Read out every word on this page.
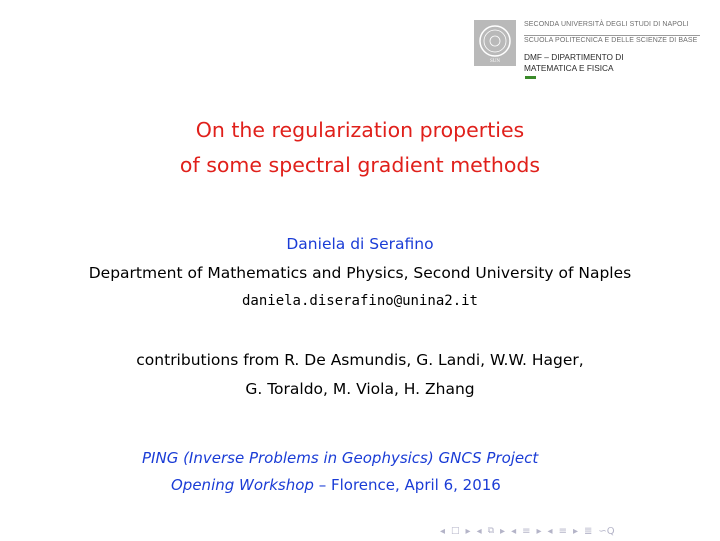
SUN
SECONDA UNIVERSITÀ DEGLI STUDI DI NAPOLI
SCUOLA POLITECNICA E DELLE SCIENZE DI BASE
DMF – DIPARTIMENTO DI
MATEMATICA E FISICA
On the regularization properties
of some spectral gradient methods
Daniela di Serafino
Department of Mathematics and Physics, Second University of Naples
daniela.diserafino@unina2.it
contributions from R. De Asmundis, G. Landi, W.W. Hager,
G. Toraldo, M. Viola, H. Zhang
PING (Inverse Problems in Geophysics) GNCS Project
Opening Workshop – Florence, April 6, 2016
◂ □ ▸ ◂ ⧉ ▸ ◂ ≡ ▸ ◂ ≡ ▸ ≣ ∽Q
